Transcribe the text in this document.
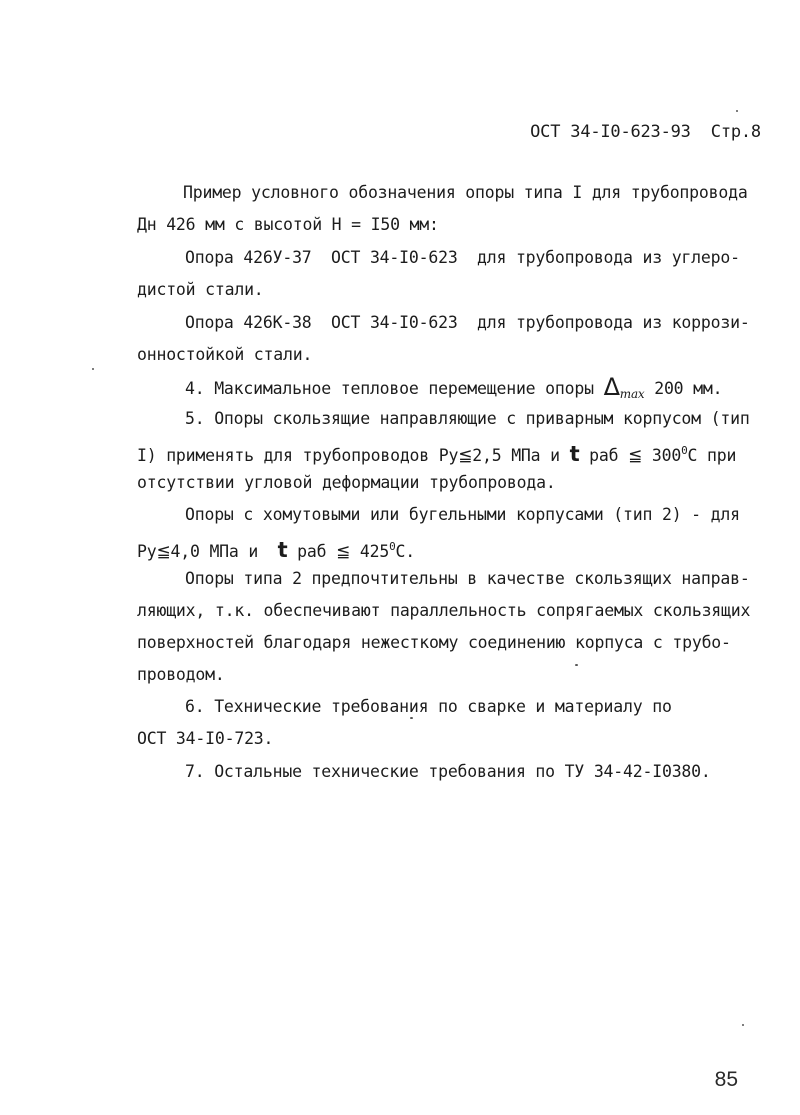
ОСТ 34-I0-623-93 Стр.8

Пример условного обозначения опоры типа I для трубопровода
Дн 426 мм с высотой Н = I50 мм:
Опора 426У-37  ОСТ 34-I0-623  для трубопровода из углеро-
дистой стали.
Опора 426К-38  ОСТ 34-I0-623  для трубопровода из коррози-
онностойкой стали.
4. Максимальное тепловое перемещение опоры $\Delta_{max}$ 200 мм.
5. Опоры скользящие направляющие с приварным корпусом (тип
I) применять для трубопроводов Ру≦2,5 МПа и t раб ≦ $300^0С$ при
отсутствии угловой деформации трубопровода.
Опоры с хомутовыми или бугельными корпусами (тип 2) - для
Ру≦4,0 МПа и  t раб ≦ $425^0С$.
Опоры типа 2 предпочтительны в качестве скользящих направ-
ляющих, т.к. обеспечивают параллельность сопрягаемых скользящих
поверхностей благодаря нежесткому соединению корпуса с трубо-
проводом.
6. Технические требования по сварке и материалу по
ОСТ 34-I0-723.
7. Остальные технические требования по ТУ 34-42-I0380.
85
